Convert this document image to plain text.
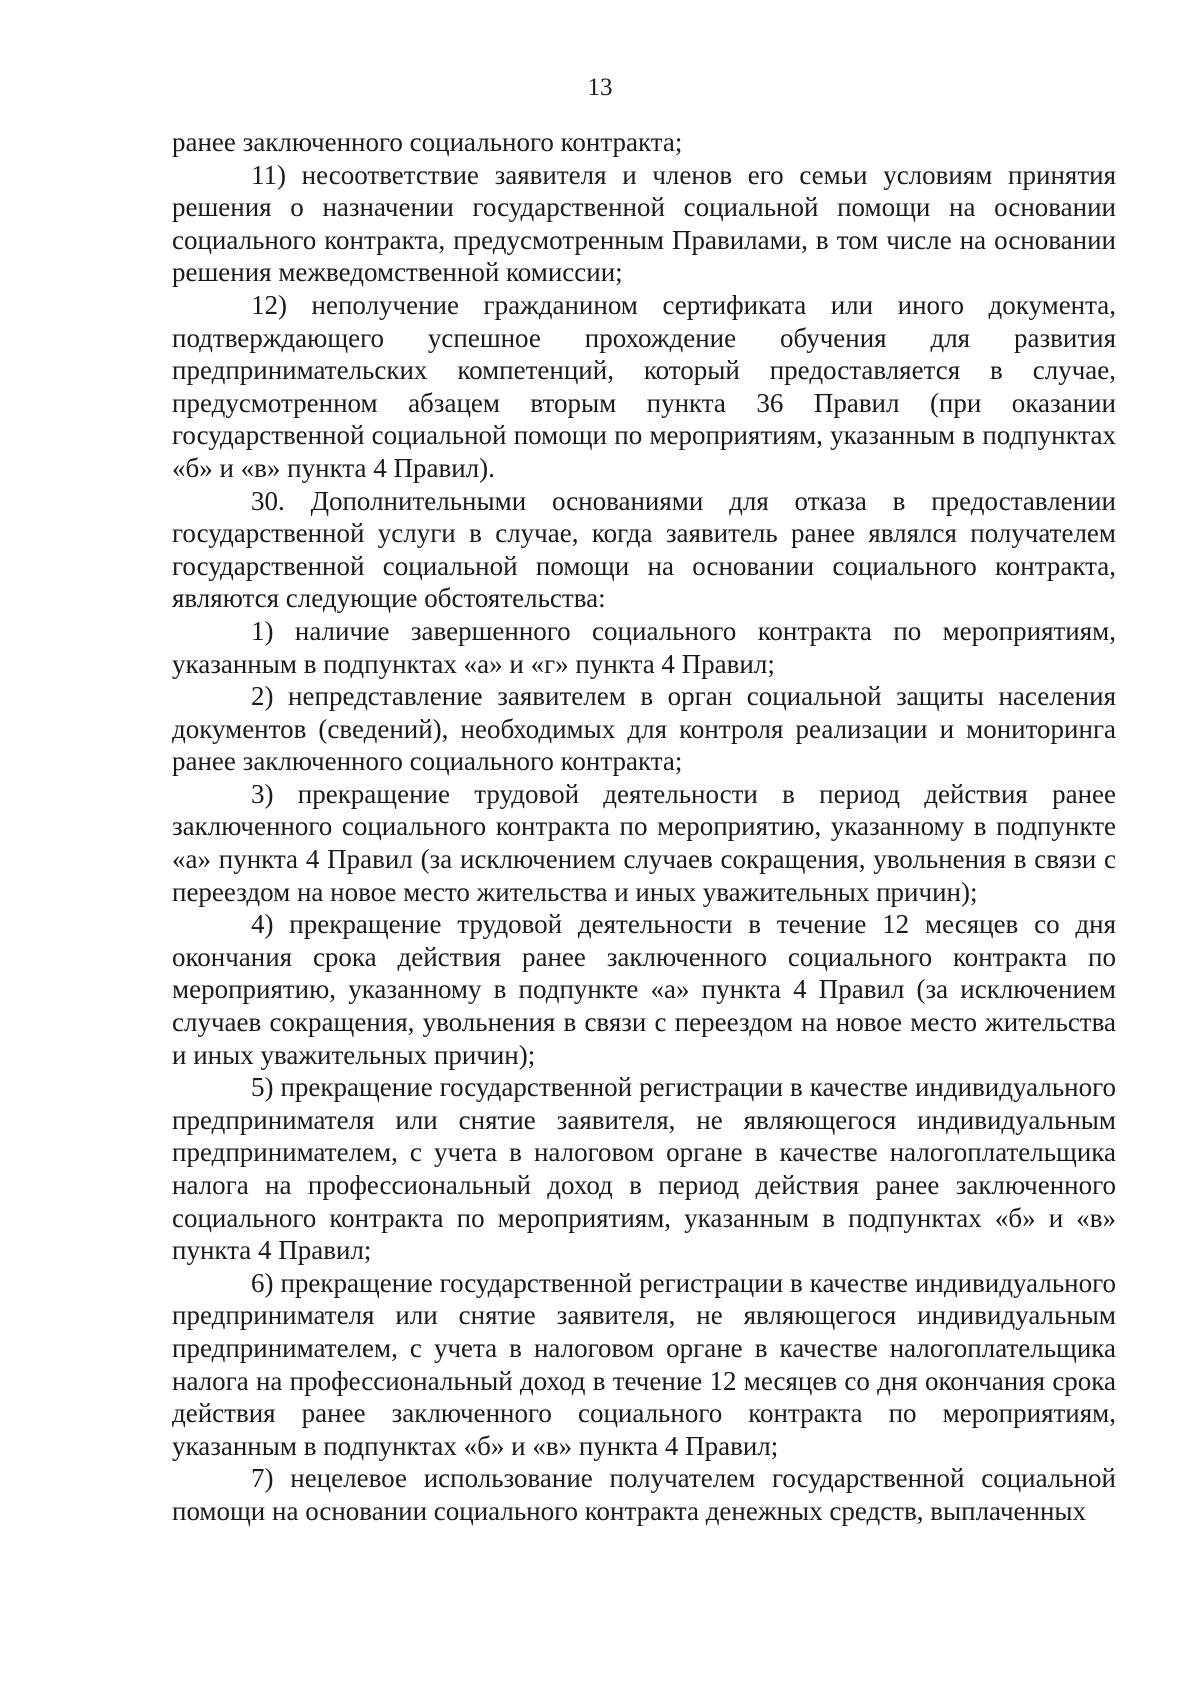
13

ранее заключенного социального контракта;

11) несоответствие заявителя и членов его семьи условиям принятия решения о назначении государственной социальной помощи на основании социального контракта, предусмотренным Правилами, в том числе на основании решения межведомственной комиссии;

12) неполучение гражданином сертификата или иного документа, подтверждающего успешное прохождение обучения для развития предпринимательских компетенций, который предоставляется в случае, предусмотренном абзацем вторым пункта 36 Правил (при оказании государственной социальной помощи по мероприятиям, указанным в подпунктах «б» и «в» пункта 4 Правил).

30. Дополнительными основаниями для отказа в предоставлении государственной услуги в случае, когда заявитель ранее являлся получателем государственной социальной помощи на основании социального контракта, являются следующие обстоятельства:

1) наличие завершенного социального контракта по мероприятиям, указанным в подпунктах «а» и «г» пункта 4 Правил;

2) непредставление заявителем в орган социальной защиты населения документов (сведений), необходимых для контроля реализации и мониторинга ранее заключенного социального контракта;

3) прекращение трудовой деятельности в период действия ранее заключенного социального контракта по мероприятию, указанному в подпункте «а» пункта 4 Правил (за исключением случаев сокращения, увольнения в связи с переездом на новое место жительства и иных уважительных причин);

4) прекращение трудовой деятельности в течение 12 месяцев со дня окончания срока действия ранее заключенного социального контракта по мероприятию, указанному в подпункте «а» пункта 4 Правил (за исключением случаев сокращения, увольнения в связи с переездом на новое место жительства и иных уважительных причин);

5) прекращение государственной регистрации в качестве индивидуального предпринимателя или снятие заявителя, не являющегося индивидуальным предпринимателем, с учета в налоговом органе в качестве налогоплательщика налога на профессиональный доход в период действия ранее заключенного социального контракта по мероприятиям, указанным в подпунктах «б» и «в» пункта 4 Правил;

6) прекращение государственной регистрации в качестве индивидуального предпринимателя или снятие заявителя, не являющегося индивидуальным предпринимателем, с учета в налоговом органе в качестве налогоплательщика налога на профессиональный доход в течение 12 месяцев со дня окончания срока действия ранее заключенного социального контракта по мероприятиям, указанным в подпунктах «б» и «в» пункта 4 Правил;

7) нецелевое использование получателем государственной социальной помощи на основании социального контракта денежных средств, выплаченных
